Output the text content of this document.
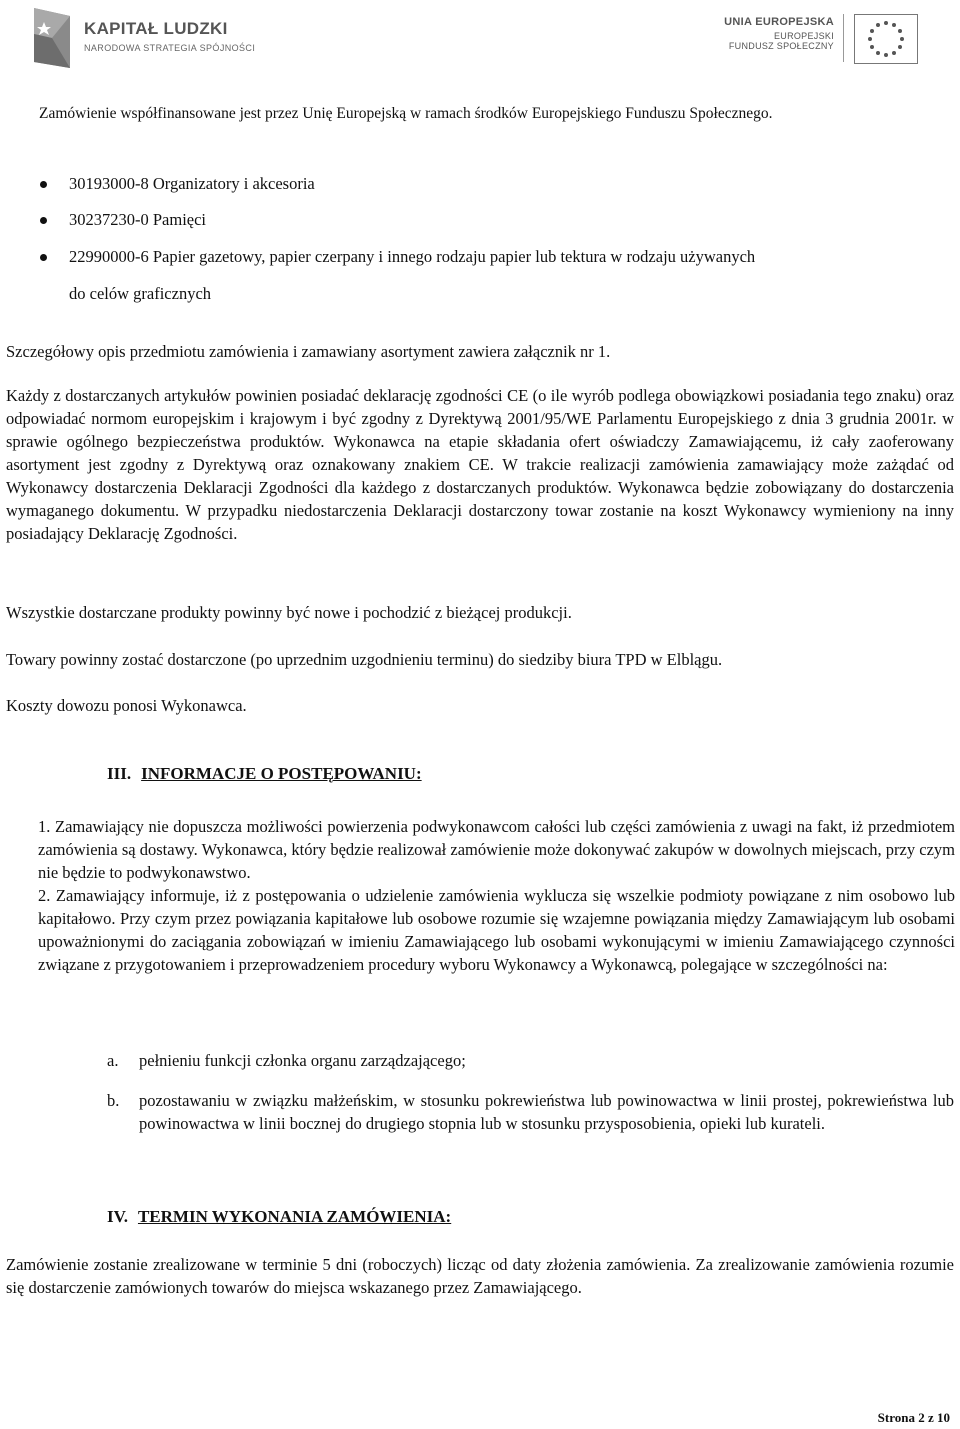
KAPITAŁ LUDZKI
NARODOWA STRATEGIA SPÓJNOŚCI
UNIA EUROPEJSKA
EUROPEJSKI
FUNDUSZ SPOŁECZNY
Zamówienie współfinansowane jest przez Unię Europejską w ramach środków Europejskiego Funduszu Społecznego.
30193000-8 Organizatory i akcesoria
30237230-0 Pamięci
22990000-6 Papier gazetowy, papier czerpany i innego rodzaju papier lub tektura w rodzaju używanych
do celów graficznych
Szczegółowy opis przedmiotu zamówienia i zamawiany asortyment zawiera załącznik nr 1.
Każdy z dostarczanych artykułów powinien posiadać deklarację zgodności CE (o ile wyrób podlega obowiązkowi posiadania tego znaku) oraz odpowiadać normom europejskim i krajowym i być zgodny z Dyrektywą 2001/95/WE Parlamentu Europejskiego z dnia 3 grudnia 2001r. w sprawie ogólnego bezpieczeństwa produktów. Wykonawca na etapie składania ofert oświadczy Zamawiającemu, iż cały zaoferowany asortyment jest zgodny z Dyrektywą oraz oznakowany znakiem CE. W trakcie realizacji zamówienia zamawiający może zażądać od Wykonawcy dostarczenia Deklaracji Zgodności dla każdego z dostarczanych produktów. Wykonawca będzie zobowiązany do dostarczenia wymaganego dokumentu. W przypadku niedostarczenia Deklaracji dostarczony towar zostanie na koszt Wykonawcy wymieniony na inny posiadający Deklarację Zgodności.
Wszystkie dostarczane produkty powinny być nowe i pochodzić z bieżącej produkcji.
Towary powinny zostać dostarczone (po uprzednim uzgodnieniu terminu) do siedziby biura TPD w Elblągu.
Koszty dowozu ponosi Wykonawca.
III. INFORMACJE O POSTĘPOWANIU:
1. Zamawiający nie dopuszcza możliwości powierzenia podwykonawcom całości lub części zamówienia z uwagi na fakt, iż przedmiotem zamówienia są dostawy. Wykonawca, który będzie realizował zamówienie może dokonywać zakupów w dowolnych miejscach, przy czym nie będzie to podwykonawstwo.
2. Zamawiający informuje, iż z postępowania o udzielenie zamówienia wyklucza się wszelkie podmioty powiązane z nim osobowo lub kapitałowo. Przy czym przez powiązania kapitałowe lub osobowe rozumie się wzajemne powiązania między Zamawiającym lub osobami upoważnionymi do zaciągania zobowiązań w imieniu Zamawiającego lub osobami wykonującymi w imieniu Zamawiającego czynności związane z przygotowaniem i przeprowadzeniem procedury wyboru Wykonawcy a Wykonawcą, polegające w szczególności na:
a. pełnieniu funkcji członka organu zarządzającego;
b. pozostawaniu w związku małżeńskim, w stosunku pokrewieństwa lub powinowactwa w linii prostej, pokrewieństwa lub powinowactwa w linii bocznej do drugiego stopnia lub w stosunku przysposobienia, opieki lub kurateli.
IV. TERMIN WYKONANIA ZAMÓWIENIA:
Zamówienie zostanie zrealizowane w terminie 5 dni (roboczych) licząc od daty złożenia zamówienia. Za zrealizowanie zamówienia rozumie się dostarczenie zamówionych towarów do miejsca wskazanego przez Zamawiającego.
Strona 2 z 10
